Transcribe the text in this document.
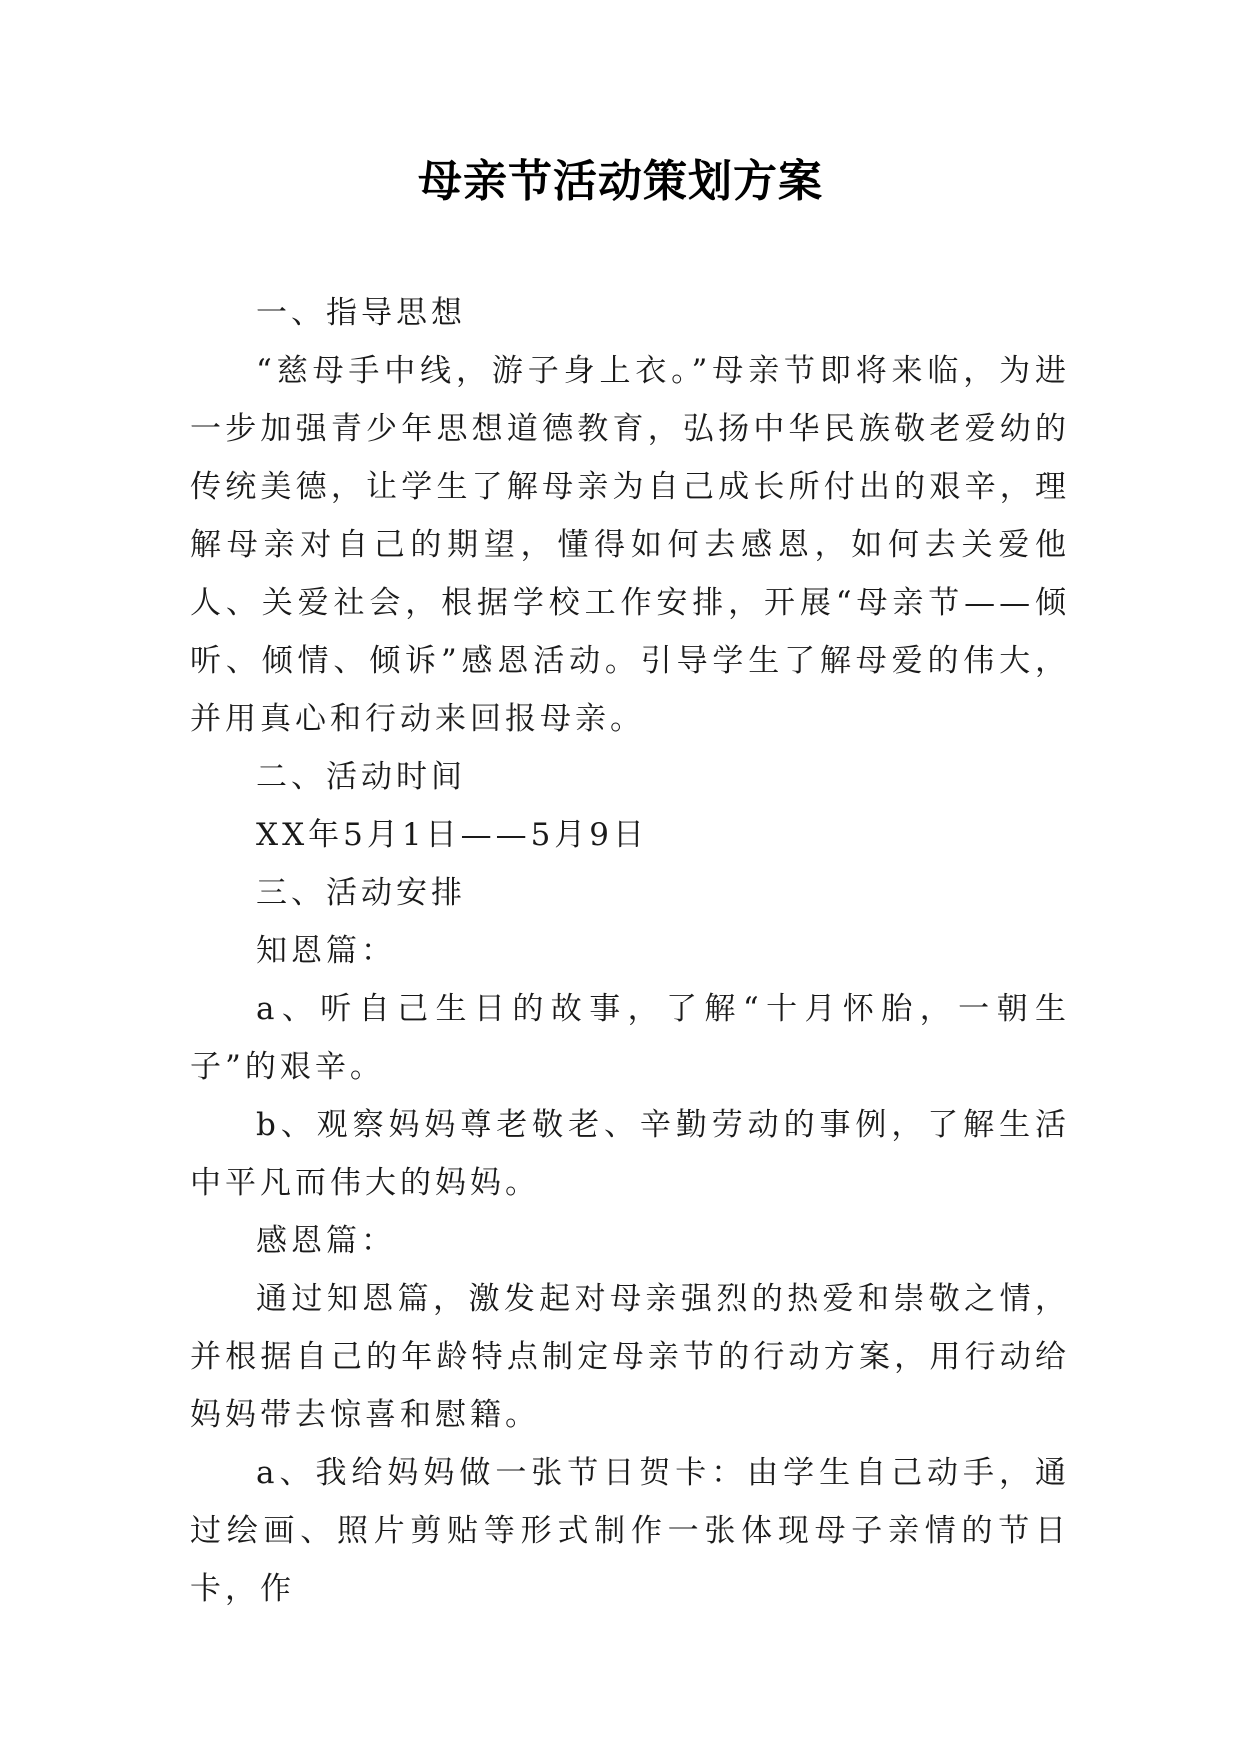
母亲节活动策划方案

一、指导思想

“慈母手中线，游子身上衣。”母亲节即将来临，为进一步加强青少年思想道德教育，弘扬中华民族敬老爱幼的传统美德，让学生了解母亲为自己成长所付出的艰辛，理解母亲对自己的期望，懂得如何去感恩，如何去关爱他人、关爱社会，根据学校工作安排，开展“母亲节——倾听、倾情、倾诉”感恩活动。引导学生了解母爱的伟大，并用真心和行动来回报母亲。

二、活动时间

XX年5月1日——5月9日

三、活动安排

知恩篇：

a、听自己生日的故事，了解“十月怀胎，一朝生子”的艰辛。

b、观察妈妈尊老敬老、辛勤劳动的事例，了解生活中平凡而伟大的妈妈。

感恩篇：

通过知恩篇，激发起对母亲强烈的热爱和崇敬之情，并根据自己的年龄特点制定母亲节的行动方案，用行动给妈妈带去惊喜和慰籍。

a、我给妈妈做一张节日贺卡：由学生自己动手，通过绘画、照片剪贴等形式制作一张体现母子亲情的节日卡，作
